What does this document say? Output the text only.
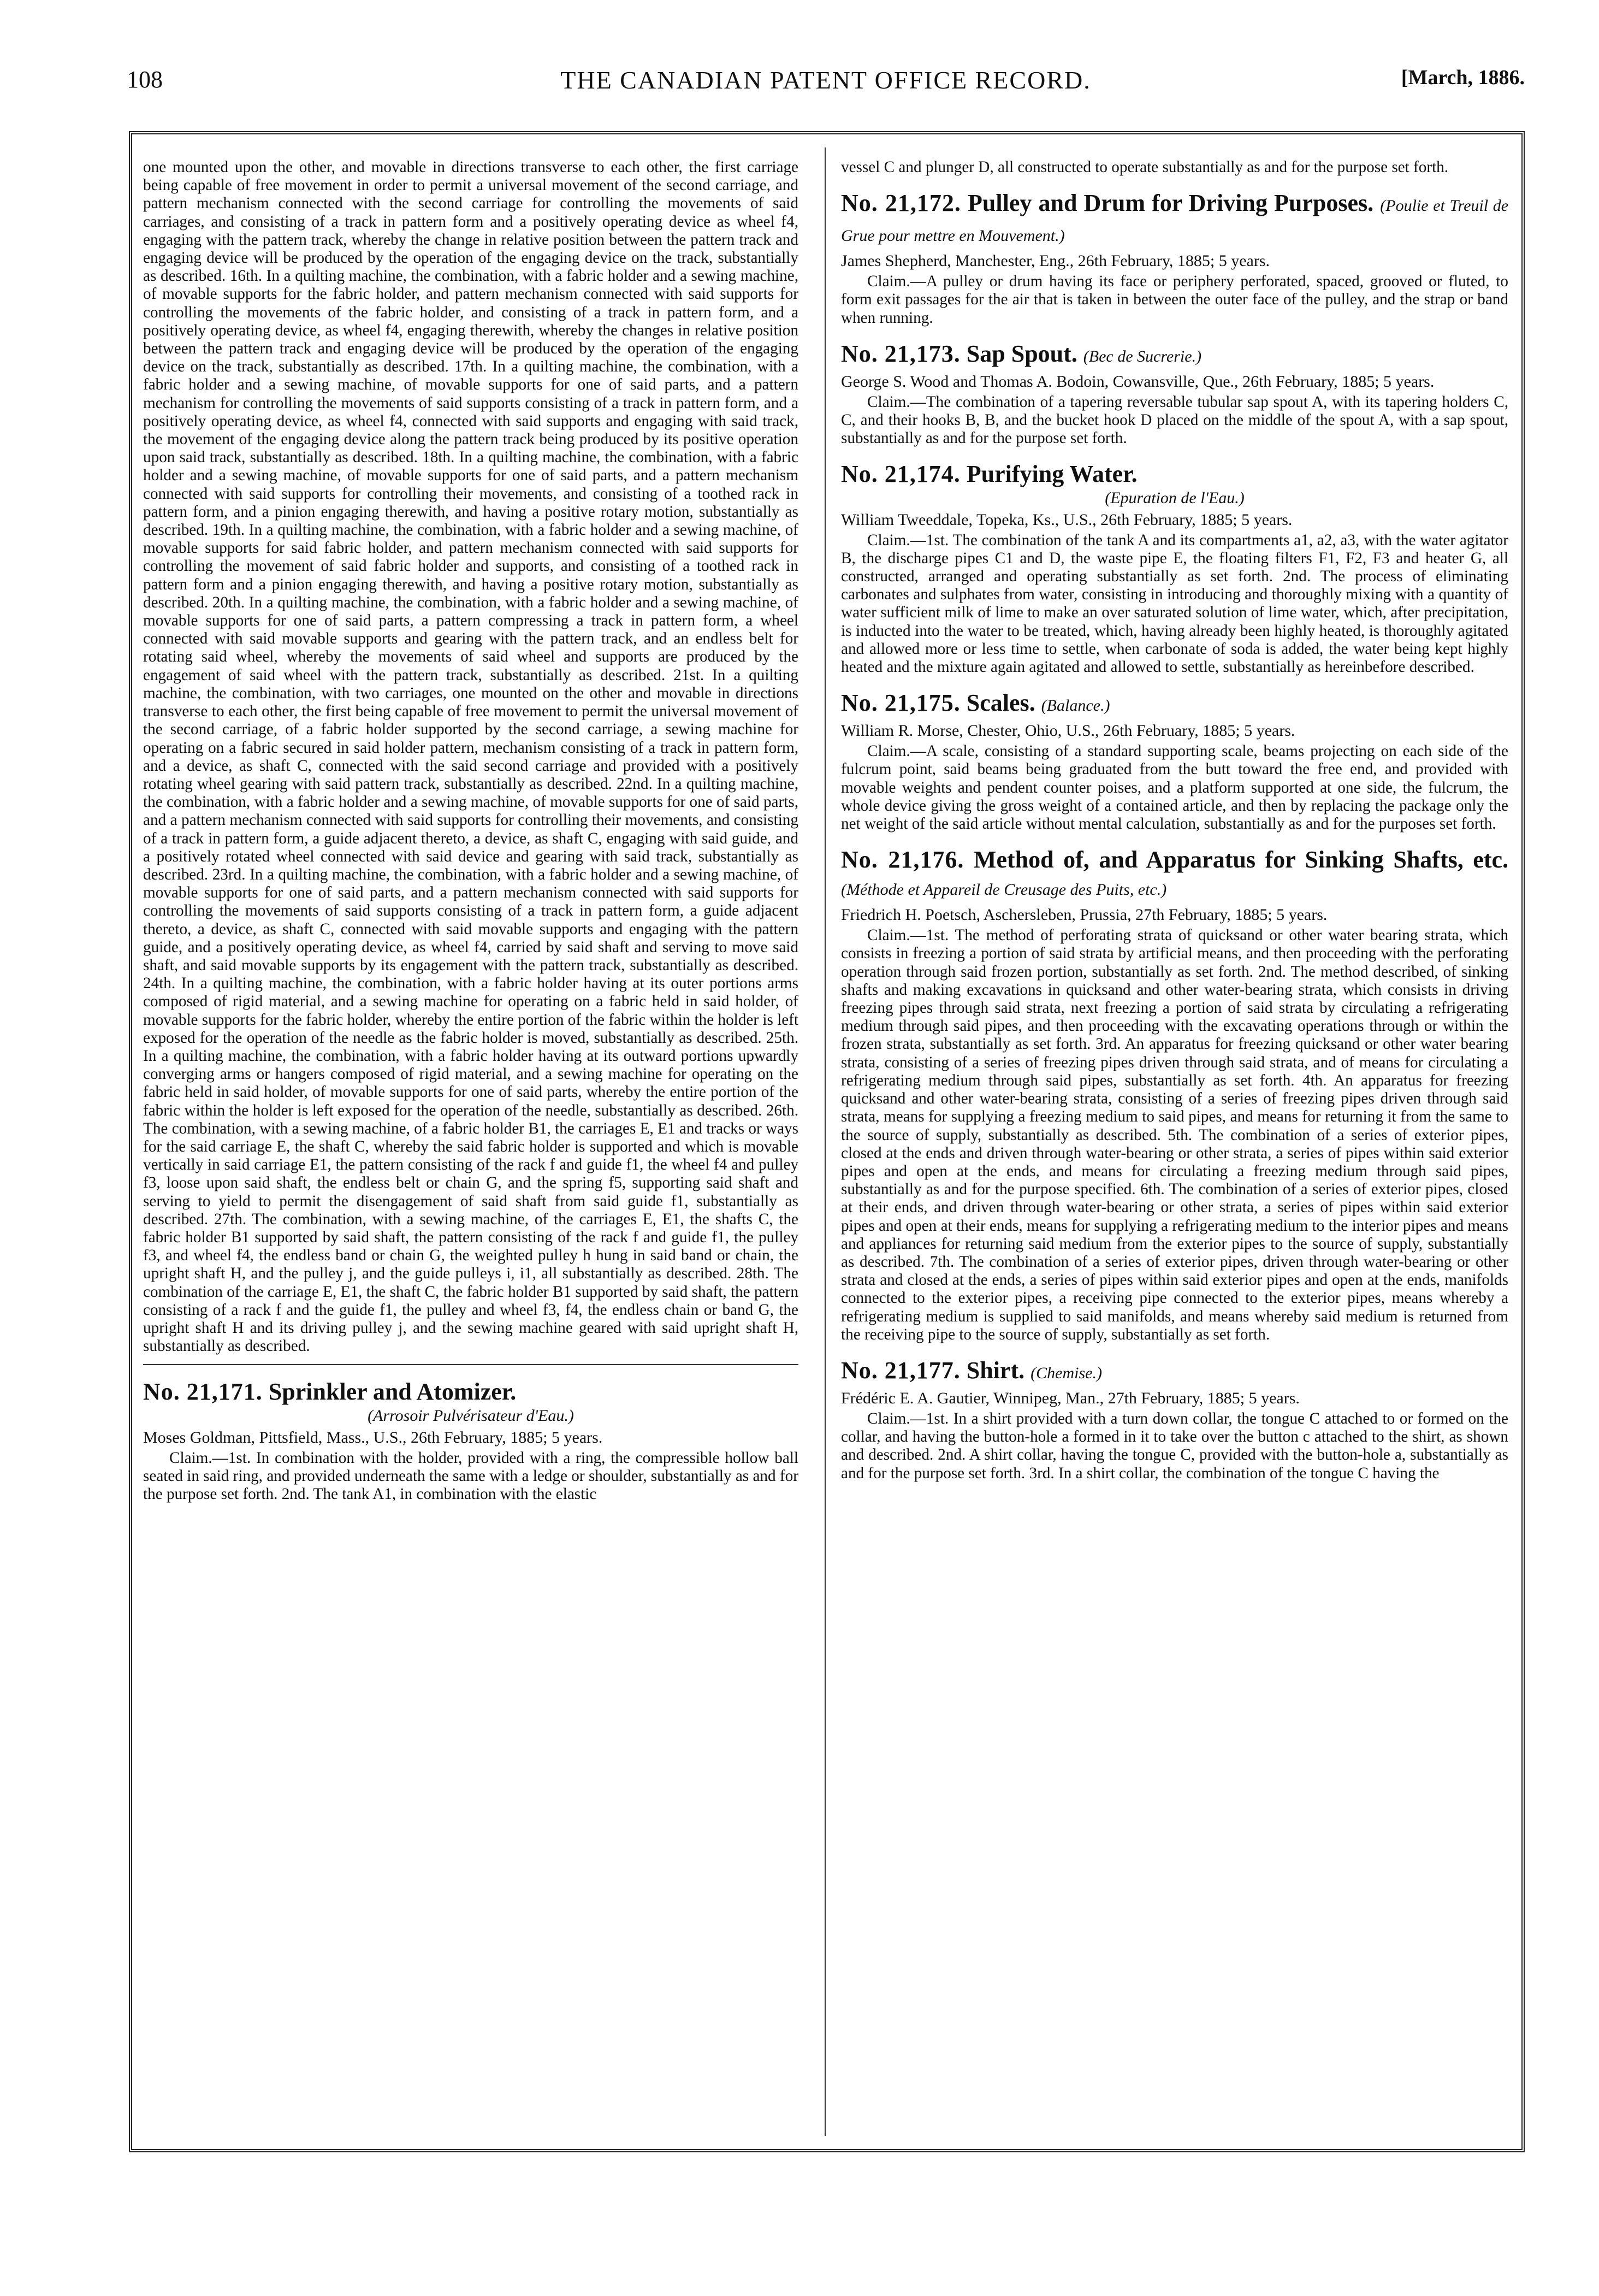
108	THE CANADIAN PATENT OFFICE RECORD.	[March, 1886.

one mounted upon the other, and movable in directions transverse to each other, the first carriage being capable of free movement in order to permit a universal movement of the second carriage, and pattern mechanism connected with the second carriage for controlling the movements of said carriages, and consisting of a track in pattern form and a positively operating device as wheel f4, engaging with the pattern track, whereby the change in relative position between the pattern track and engaging device will be produced by the operation of the engaging device on the track, substantially as described. 16th. In a quilting machine, the combination, with a fabric holder and a sewing machine, of movable supports for the fabric holder, and pattern mechanism connected with said supports for controlling the movements of the fabric holder, and consisting of a track in pattern form, and a positively operating device, as wheel f4, engaging therewith, whereby the changes in relative position between the pattern track and engaging device will be produced by the operation of the engaging device on the track, substantially as described. 17th. In a quilting machine, the combination, with a fabric holder and a sewing machine, of movable supports for one of said parts, and a pattern mechanism for controlling the movements of said supports consisting of a track in pattern form, and a positively operating device, as wheel f4, connected with said supports and engaging with said track, the movement of the engaging device along the pattern track being produced by its positive operation upon said track, substantially as described. 18th. In a quilting machine, the combination, with a fabric holder and a sewing machine, of movable supports for one of said parts, and a pattern mechanism connected with said supports for controlling their movements, and consisting of a toothed rack in pattern form, and a pinion engaging therewith, and having a positive rotary motion, substantially as described. 19th. In a quilting machine, the combination, with a fabric holder and a sewing machine, of movable supports for said fabric holder, and pattern mechanism connected with said supports for controlling the movement of said fabric holder and supports, and consisting of a toothed rack in pattern form and a pinion engaging therewith, and having a positive rotary motion, substantially as described. 20th. In a quilting machine, the combination, with a fabric holder and a sewing machine, of movable supports for one of said parts, a pattern compressing a track in pattern form, a wheel connected with said movable supports and gearing with the pattern track, and an endless belt for rotating said wheel, whereby the movements of said wheel and supports are produced by the engagement of said wheel with the pattern track, substantially as described. 21st. In a quilting machine, the combination, with two carriages, one mounted on the other and movable in directions transverse to each other, the first being capable of free movement to permit the universal movement of the second carriage, of a fabric holder supported by the second carriage, a sewing machine for operating on a fabric secured in said holder pattern, mechanism consisting of a track in pattern form, and a device, as shaft C, connected with the said second carriage and provided with a positively rotating wheel gearing with said pattern track, substantially as described. 22nd. In a quilting machine, the combination, with a fabric holder and a sewing machine, of movable supports for one of said parts, and a pattern mechanism connected with said supports for controlling their movements, and consisting of a track in pattern form, a guide adjacent thereto, a device, as shaft C, engaging with said guide, and a positively rotated wheel connected with said device and gearing with said track, substantially as described. 23rd. In a quilting machine, the combination, with a fabric holder and a sewing machine, of movable supports for one of said parts, and a pattern mechanism connected with said supports for controlling the movements of said supports consisting of a track in pattern form, a guide adjacent thereto, a device, as shaft C, connected with said movable supports and engaging with the pattern guide, and a positively operating device, as wheel f4, carried by said shaft and serving to move said shaft, and said movable supports by its engagement with the pattern track, substantially as described. 24th. In a quilting machine, the combination, with a fabric holder having at its outer portions arms composed of rigid material, and a sewing machine for operating on a fabric held in said holder, of movable supports for the fabric holder, whereby the entire portion of the fabric within the holder is left exposed for the operation of the needle as the fabric holder is moved, substantially as described. 25th. In a quilting machine, the combination, with a fabric holder having at its outward portions upwardly converging arms or hangers composed of rigid material, and a sewing machine for operating on the fabric held in said holder, of movable supports for one of said parts, whereby the entire portion of the fabric within the holder is left exposed for the operation of the needle, substantially as described. 26th. The combination, with a sewing machine, of a fabric holder B1, the carriages E, E1 and tracks or ways for the said carriage E, the shaft C, whereby the said fabric holder is supported and which is movable vertically in said carriage E1, the pattern consisting of the rack f and guide f1, the wheel f4 and pulley f3, loose upon said shaft, the endless belt or chain G, and the spring f5, supporting said shaft and serving to yield to permit the disengagement of said shaft from said guide f1, substantially as described. 27th. The combination, with a sewing machine, of the carriages E, E1, the shafts C, the fabric holder B1 supported by said shaft, the pattern consisting of the rack f and guide f1, the pulley f3, and wheel f4, the endless band or chain G, the weighted pulley h hung in said band or chain, the upright shaft H, and the pulley j, and the guide pulleys i, i1, all substantially as described. 28th. The combination of the carriage E, E1, the shaft C, the fabric holder B1 supported by said shaft, the pattern consisting of a rack f and the guide f1, the pulley and wheel f3, f4, the endless chain or band G, the upright shaft H and its driving pulley j, and the sewing machine geared with said upright shaft H, substantially as described.

No. 21,171. Sprinkler and Atomizer.
(Arrosoir Pulvérisateur d'Eau.)
Moses Goldman, Pittsfield, Mass., U.S., 26th February, 1885; 5 years.

Claim.—1st. In combination with the holder, provided with a ring, the compressible hollow ball seated in said ring, and provided underneath the same with a ledge or shoulder, substantially as and for the purpose set forth. 2nd. The tank A1, in combination with the elastic

vessel C and plunger D, all constructed to operate substantially as and for the purpose set forth.

No. 21,172. Pulley and Drum for Driving Purposes. (Poulie et Treuil de Grue pour mettre en Mouvement.)
James Shepherd, Manchester, Eng., 26th February, 1885; 5 years.

Claim.—A pulley or drum having its face or periphery perforated, spaced, grooved or fluted, to form exit passages for the air that is taken in between the outer face of the pulley, and the strap or band when running.

No. 21,173. Sap Spout. (Bec de Sucrerie.)
George S. Wood and Thomas A. Bodoin, Cowansville, Que., 26th February, 1885; 5 years.

Claim.—The combination of a tapering reversable tubular sap spout A, with its tapering holders C, C, and their hooks B, B, and the bucket hook D placed on the middle of the spout A, with a sap spout, substantially as and for the purpose set forth.

No. 21,174. Purifying Water.
(Epuration de l'Eau.)
William Tweeddale, Topeka, Ks., U.S., 26th February, 1885; 5 years.

Claim.—1st. The combination of the tank A and its compartments a1, a2, a3, with the water agitator B, the discharge pipes C1 and D, the waste pipe E, the floating filters F1, F2, F3 and heater G, all constructed, arranged and operating substantially as set forth. 2nd. The process of eliminating carbonates and sulphates from water, consisting in introducing and thoroughly mixing with a quantity of water sufficient milk of lime to make an over saturated solution of lime water, which, after precipitation, is inducted into the water to be treated, which, having already been highly heated, is thoroughly agitated and allowed more or less time to settle, when carbonate of soda is added, the water being kept highly heated and the mixture again agitated and allowed to settle, substantially as hereinbefore described.

No. 21,175. Scales. (Balance.)
William R. Morse, Chester, Ohio, U.S., 26th February, 1885; 5 years.

Claim.—A scale, consisting of a standard supporting scale, beams projecting on each side of the fulcrum point, said beams being graduated from the butt toward the free end, and provided with movable weights and pendent counter poises, and a platform supported at one side, the fulcrum, the whole device giving the gross weight of a contained article, and then by replacing the package only the net weight of the said article without mental calculation, substantially as and for the purposes set forth.

No. 21,176. Method of, and Apparatus for Sinking Shafts, etc. (Méthode et Appareil de Creusage des Puits, etc.)
Friedrich H. Poetsch, Aschersleben, Prussia, 27th February, 1885; 5 years.

Claim.—1st. The method of perforating strata of quicksand or other water bearing strata, which consists in freezing a portion of said strata by artificial means, and then proceeding with the perforating operation through said frozen portion, substantially as set forth. 2nd. The method described, of sinking shafts and making excavations in quicksand and other water-bearing strata, which consists in driving freezing pipes through said strata, next freezing a portion of said strata by circulating a refrigerating medium through said pipes, and then proceeding with the excavating operations through or within the frozen strata, substantially as set forth. 3rd. An apparatus for freezing quicksand or other water bearing strata, consisting of a series of freezing pipes driven through said strata, and of means for circulating a refrigerating medium through said pipes, substantially as set forth. 4th. An apparatus for freezing quicksand and other water-bearing strata, consisting of a series of freezing pipes driven through said strata, means for supplying a freezing medium to said pipes, and means for returning it from the same to the source of supply, substantially as described. 5th. The combination of a series of exterior pipes, closed at the ends and driven through water-bearing or other strata, a series of pipes within said exterior pipes and open at the ends, and means for circulating a freezing medium through said pipes, substantially as and for the purpose specified. 6th. The combination of a series of exterior pipes, closed at their ends, and driven through water-bearing or other strata, a series of pipes within said exterior pipes and open at their ends, means for supplying a refrigerating medium to the interior pipes and means and appliances for returning said medium from the exterior pipes to the source of supply, substantially as described. 7th. The combination of a series of exterior pipes, driven through water-bearing or other strata and closed at the ends, a series of pipes within said exterior pipes and open at the ends, manifolds connected to the exterior pipes, a receiving pipe connected to the exterior pipes, means whereby a refrigerating medium is supplied to said manifolds, and means whereby said medium is returned from the receiving pipe to the source of supply, substantially as set forth.

No. 21,177. Shirt. (Chemise.)
Frédéric E. A. Gautier, Winnipeg, Man., 27th February, 1885; 5 years.

Claim.—1st. In a shirt provided with a turn down collar, the tongue C attached to or formed on the collar, and having the button-hole a formed in it to take over the button c attached to the shirt, as shown and described. 2nd. A shirt collar, having the tongue C, provided with the button-hole a, substantially as and for the purpose set forth. 3rd. In a shirt collar, the combination of the tongue C having the
